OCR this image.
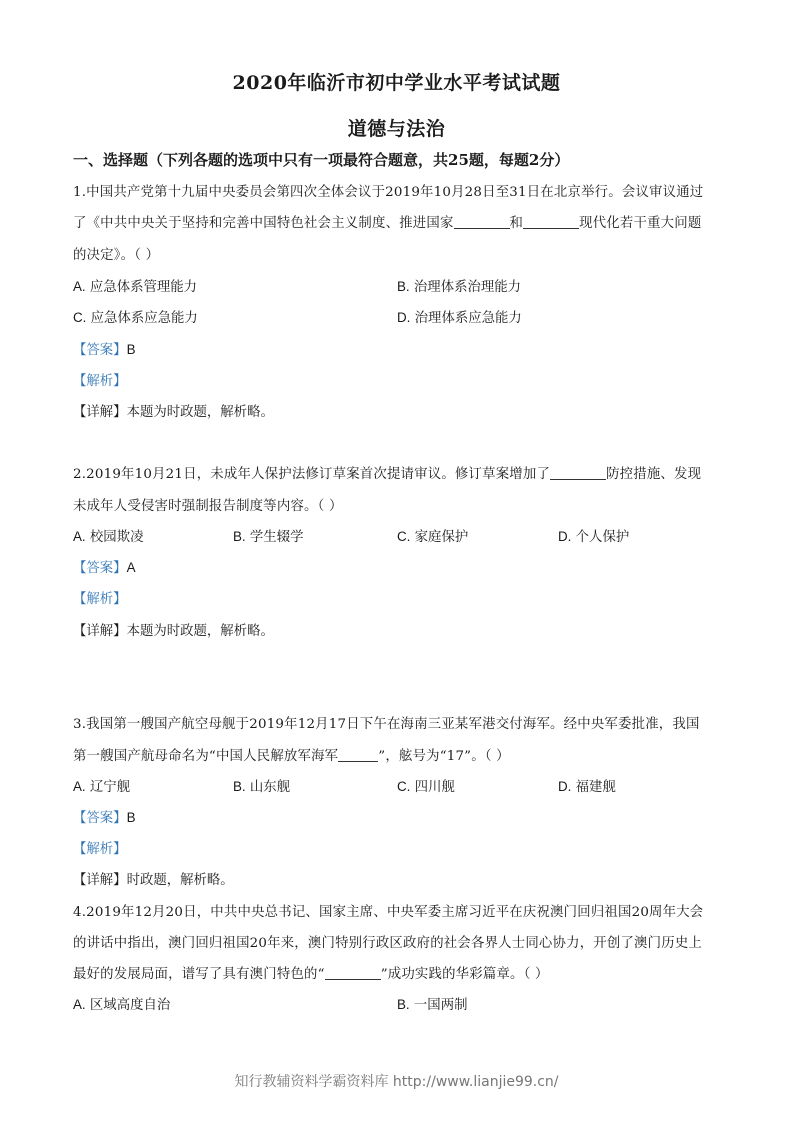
2020年临沂市初中学业水平考试试题
道德与法治
一、选择题（下列各题的选项中只有一项最符合题意，共25题，每题2分）
1.中国共产党第十九届中央委员会第四次全体会议于2019年10月28日至31日在北京举行。会议审议通过
了《中共中央关于坚持和完善中国特色社会主义制度、推进国家	和	现代化若干重大问题
的决定》。（ ）
A. 应急体系管理能力	B. 治理体系治理能力
C. 应急体系应急能力	D. 治理体系应急能力
【答案】B
【解析】
【详解】本题为时政题，解析略。
2.2019年10月21日，未成年人保护法修订草案首次提请审议。修订草案增加了	防控措施、发现
未成年人受侵害时强制报告制度等内容。（ ）
A. 校园欺凌	B. 学生辍学	C. 家庭保护	D. 个人保护
【答案】A
【解析】
【详解】本题为时政题，解析略。
3.我国第一艘国产航空母舰于2019年12月17日下午在海南三亚某军港交付海军。经中央军委批准，我国
第一艘国产航母命名为“中国人民解放军海军	”，舷号为“17”。（ ）
A. 辽宁舰	B. 山东舰	C. 四川舰	D. 福建舰
【答案】B
【解析】
【详解】时政题，解析略。
4.2019年12月20日，中共中央总书记、国家主席、中央军委主席习近平在庆祝澳门回归祖国20周年大会
的讲话中指出，澳门回归祖国20年来，澳门特别行政区政府的社会各界人士同心协力，开创了澳门历史上
最好的发展局面，谱写了具有澳门特色的“	”成功实践的华彩篇章。（ ）
A. 区域高度自治	B. 一国两制
知行教辅资料学霸资料库 http://www.lianjie99.cn/
